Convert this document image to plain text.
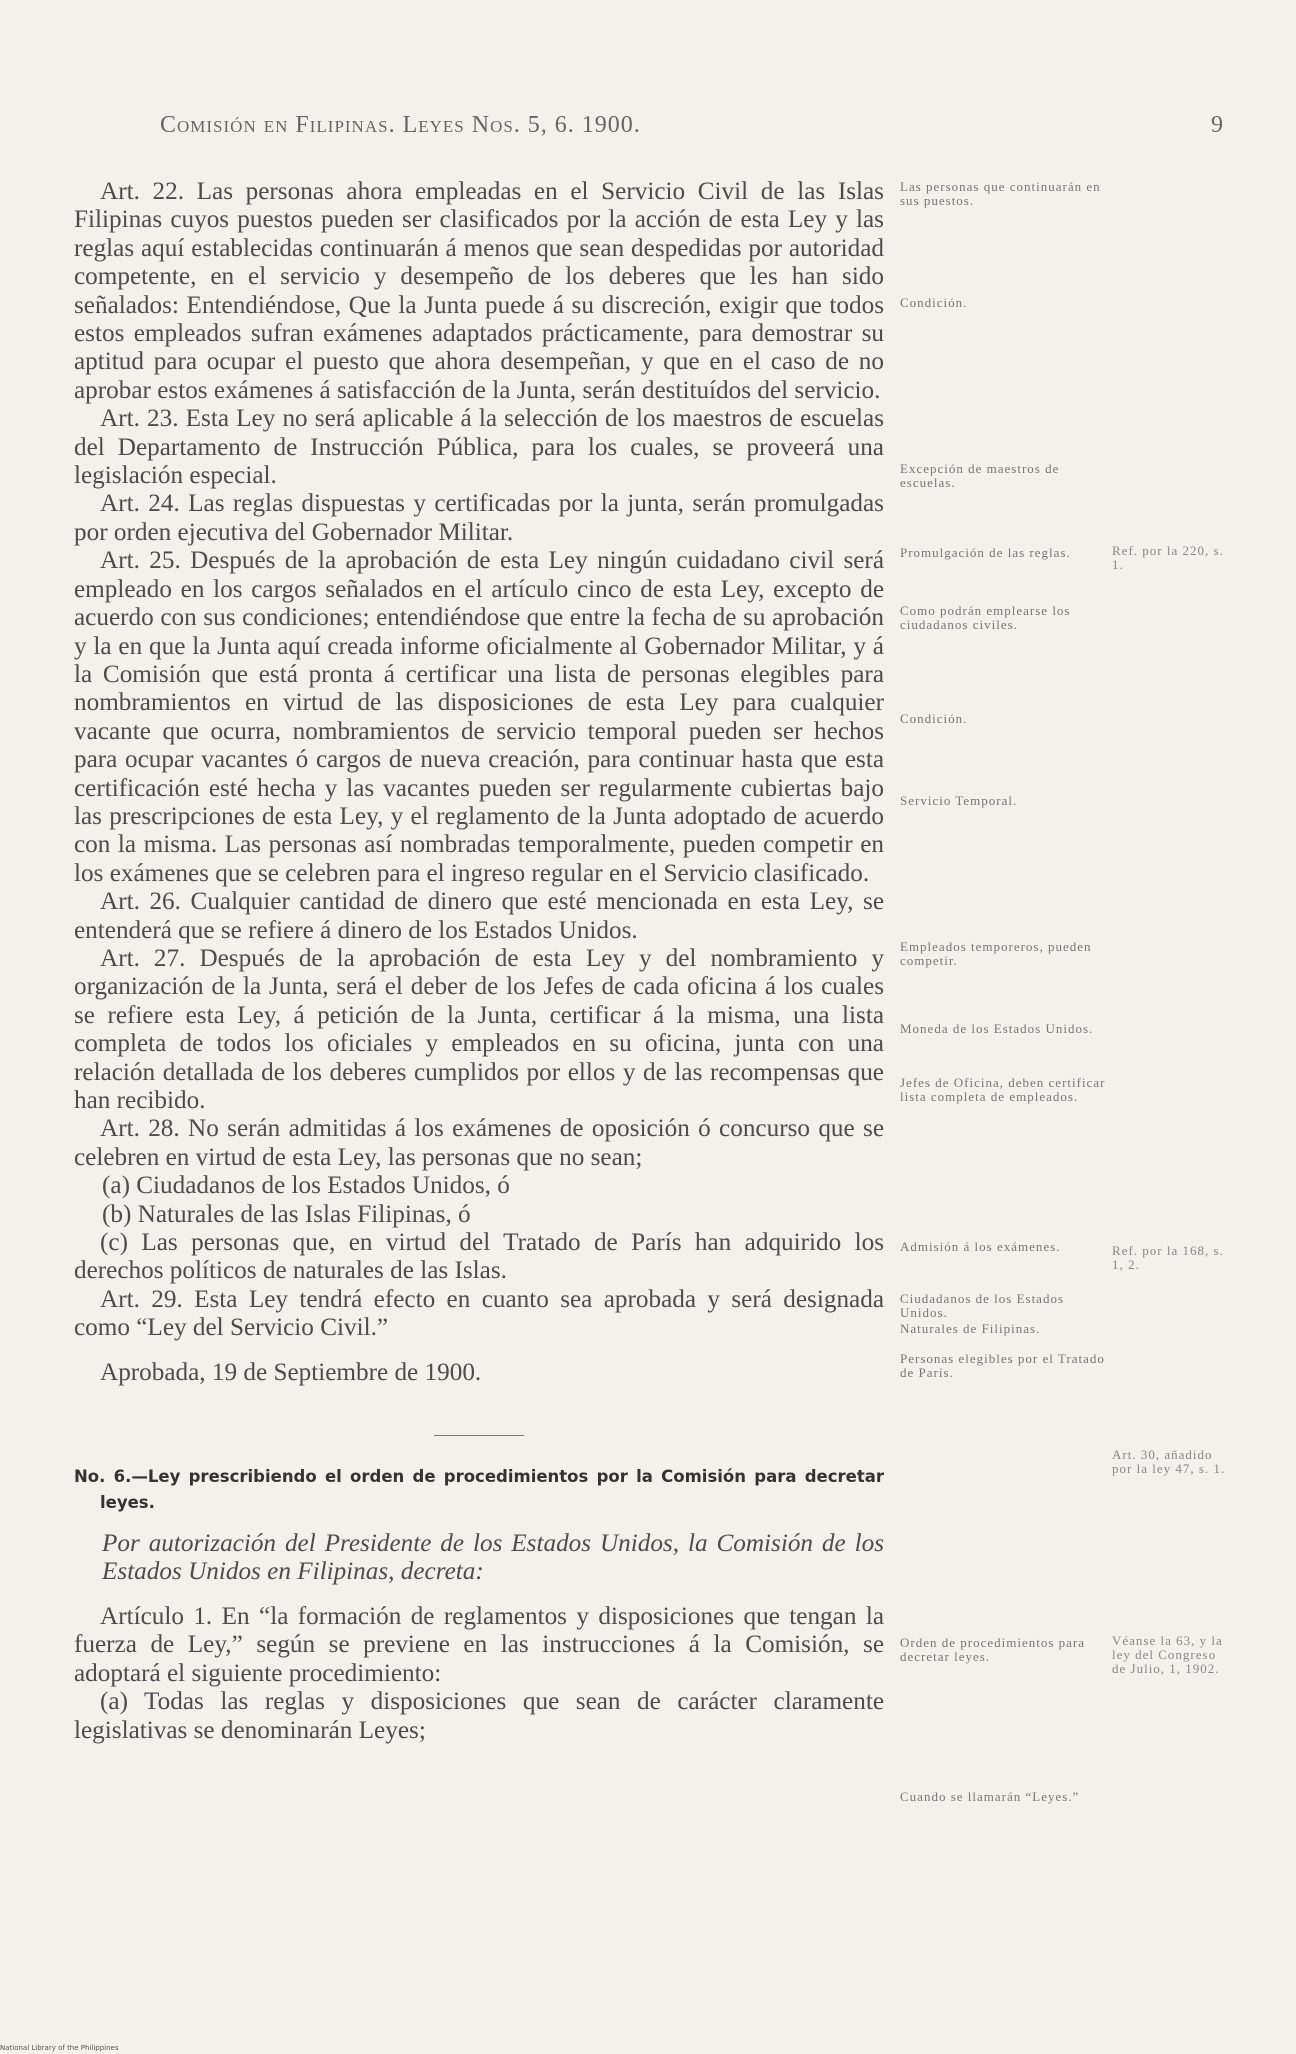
Comisión en Filipinas. Leyes Nos. 5, 6. 1900.	9

Art. 22. Las personas ahora empleadas en el Servicio Civil de las Islas Filipinas cuyos puestos pueden ser clasificados por la acción de esta Ley y las reglas aquí establecidas continuarán á menos que sean despedidas por autoridad competente, en el servicio y desempeño de los deberes que les han sido señalados: Entendiéndose, Que la Junta puede á su discreción, exigir que todos estos empleados sufran exámenes adaptados prácticamente, para demostrar su aptitud para ocupar el puesto que ahora desempeñan, y que en el caso de no aprobar estos exámenes á satisfacción de la Junta, serán destituídos del servicio.

Art. 23. Esta Ley no será aplicable á la selección de los maestros de escuelas del Departamento de Instrucción Pública, para los cuales, se proveerá una legislación especial.

Art. 24. Las reglas dispuestas y certificadas por la junta, serán promulgadas por orden ejecutiva del Gobernador Militar.

Art. 25. Después de la aprobación de esta Ley ningún cuidadano civil será empleado en los cargos señalados en el artículo cinco de esta Ley, excepto de acuerdo con sus condiciones; entendiéndose que entre la fecha de su aprobación y la en que la Junta aquí creada informe oficialmente al Gobernador Militar, y á la Comisión que está pronta á certificar una lista de personas elegibles para nombramientos en virtud de las disposiciones de esta Ley para cualquier vacante que ocurra, nombramientos de servicio temporal pueden ser hechos para ocupar vacantes ó cargos de nueva creación, para continuar hasta que esta certificación esté hecha y las vacantes pueden ser regularmente cubiertas bajo las prescripciones de esta Ley, y el reglamento de la Junta adoptado de acuerdo con la misma. Las personas así nombradas temporalmente, pueden competir en los exámenes que se celebren para el ingreso regular en el Servicio clasificado.

Art. 26. Cualquier cantidad de dinero que esté mencionada en esta Ley, se entenderá que se refiere á dinero de los Estados Unidos.

Art. 27. Después de la aprobación de esta Ley y del nombramiento y organización de la Junta, será el deber de los Jefes de cada oficina á los cuales se refiere esta Ley, á petición de la Junta, certificar á la misma, una lista completa de todos los oficiales y empleados en su oficina, junta con una relación detallada de los deberes cumplidos por ellos y de las recompensas que han recibido.

Art. 28. No serán admitidas á los exámenes de oposición ó concurso que se celebren en virtud de esta Ley, las personas que no sean;

(a) Ciudadanos de los Estados Unidos, ó

(b) Naturales de las Islas Filipinas, ó

(c) Las personas que, en virtud del Tratado de París han adquirido los derechos políticos de naturales de las Islas.

Art. 29. Esta Ley tendrá efecto en cuanto sea aprobada y será designada como “Ley del Servicio Civil.”

Aprobada, 19 de Septiembre de 1900.

No. 6.—Ley prescribiendo el orden de procedimientos por la Comisión para decretar leyes.

Por autorización del Presidente de los Estados Unidos, la Comisión de los Estados Unidos en Filipinas, decreta:

Artículo 1. En “la formación de reglamentos y disposiciones que tengan la fuerza de Ley,” según se previene en las instrucciones á la Comisión, se adoptará el siguiente procedimiento:

(a) Todas las reglas y disposiciones que sean de carácter claramente legislativas se denominarán Leyes;

Las personas que continuarán en sus puestos.
Condición.
Excepción de maestros de escuelas.
Promulgación de las reglas.
Como podrán emplearse los ciudadanos civiles.
Condición.
Servicio Temporal.
Empleados temporeros, pueden competir.
Moneda de los Estados Unidos.
Jefes de Oficina, deben certificar lista completa de empleados.
Admisión á los exámenes.
Ciudadanos de los Estados Unidos.
Naturales de Filipinas.
Personas elegibles por el Tratado de París.
Orden de procedimientos para decretar leyes.
Cuando se llamarán “Leyes.”
Ref. por la 220, s. 1.
Ref. por la 168, s. 1, 2.
Art. 30, añadido por la ley 47, s. 1.
Véanse la 63, y la ley del Congreso de Julio, 1, 1902.
National Library of the Philippines
